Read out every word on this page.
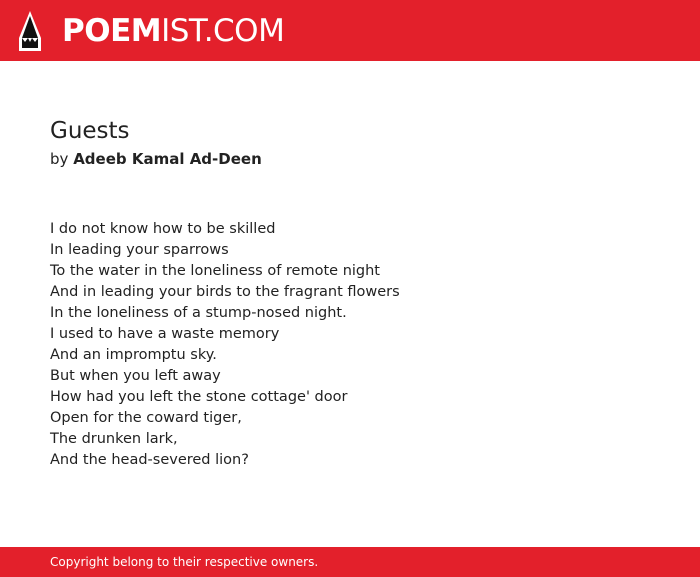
POEMIST.COM
Guests
by Adeeb Kamal Ad-Deen
I do not know how to be skilled
In leading your sparrows
To the water in the loneliness of remote night
And in leading your birds to the fragrant flowers
In the loneliness of a stump-nosed night.
I used to have a waste memory
And an impromptu sky.
But when you left away
How had you left the stone cottage' door
Open for the coward tiger,
The drunken lark,
And the head-severed lion?
Copyright belong to their respective owners.
